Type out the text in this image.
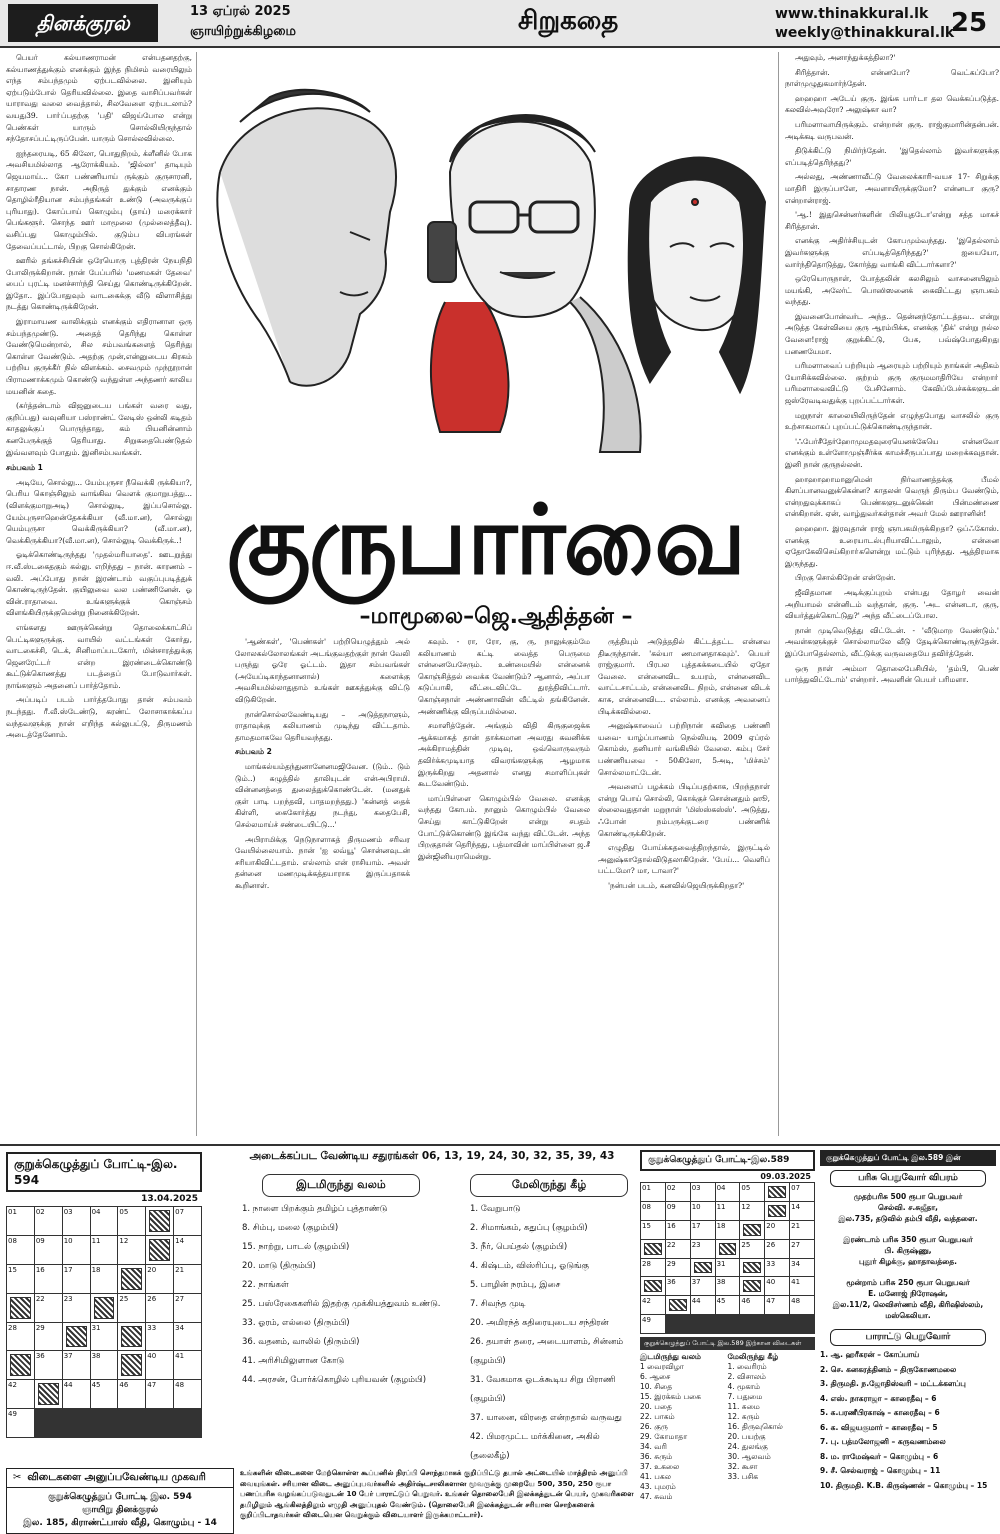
தினக்குரல்	13 ஏப்ரல் 2025
ஞாயிற்றுக்கிழமை	சிறுகதை	www.thinakkural.lk
weekly@thinakkural.lk
25

பெயர் கல்யாணராமன் என்பதனதற்கு, கல்யாணத்துக்கும் எனக்கும் இந்த நிமிசம் வரையிலும் எந்த சம்பந்தமும் ஏற்படவில்லை. இனியும் ஏற்படும்போல் தெரியவில்லை. இதை வாசிப்பவர்கள் யாராவது வலை வைத்தால், சிலவேளை ஏற்படலாம்? வயது39. பாா்ப்பதற்கு 'பதி' விஜய்போல என்று பெண்கள் யாரும் சொல்லியிருந்தால் சந்தோசப்பட்டிருப்பேன். யாரும் சொல்லவில்லை.

ஐந்தரையடி, 65 கிலோ, பொதுநிறம், க்ளீனில் போக அவசியமில்லாத ஆரோக்கியம். 'ஜில்லா' தாடியும் ஜெயமாய்... கோ பண்ணியாய் ருக்கும் குருசாரனி, சாதாரண நான். அநிருத் துக்கும் எனக்கும் தொழில்ரீதியான சம்பந்தங்கள் உண்டு (அவருக்குப் புரியாது). கோப்பாய் கொழும்பு (தாய்) மரைக்கார் பெங்களூர். சொந்த ஊர் மாமூலை (முல்லைத்தீவு). வசிப்பது கொழும்பில். குடும்ப விபரங்கள் தேவைப்பட்டால், பிறகு சொல்கிறேன்.

ஊரில் தங்கச்சியின் ஒரேயொரு புத்திரன் நேயநிதி போலிருக்கிறான். நான் பேப்பரில் 'மணமகள் தேவை' பைப் புரட்டி மனச்சார்ந்தி செய்து கொண்டிருக்கிறேன். இதோ.. இப்போதுவும் வாடகைக்கு வீடு விளாசித்து நடத்து கொண்டிருக்கிறேன்.

இராமாயண வாலிக்கும் எனக்கும் எதிரானாள ஒரு சம்பந்தமுண்டு. அதைத் தெரிந்து கொள்ள வேண்டுமென்றால், சில சம்பவங்களைத் தெரிந்து கொள்ள வேண்டும். அதற்கு முன்,என்னுடைய கிரகம் பற்றிய குருக்கீர் நில் விளக்கம். சைவமும் முந்நூறான் பிராமணாக்கமும் கொண்டு வந்துள்ள அந்தணர் காலிய மயனின் கதை.

(கர்த்தன்டாம் விஜனுடைய பங்கள் வரை வது, குறிப்பது) வவுனியா பஸ்ராண்ட் லேடிஸ் ஒன்லி கடிதம் காதலுக்குப் பொருந்தாது, கம் பியனின்னாம் கனபேருக்குத் தெரியாது. சிறுகதைபெண்டுதல் இவ்வளவும் போதும். இனிசம்பவங்கள்.

சம்பவம் 1

அடியே, சொல்லு... யேம்புருசா நீவெக்கி ருக்கியா?, பெரிய கொஞ்சிலும் வாங்கிவ வெளக் குமாறுபத்து... (விளக்குமாறுஅடி) சொல்லுடி, இப்பசொல்லு. யேம்புருசாஹென்தேசுக்கியா (வீ.மா.ன), சொல்லு யெம்புருசா வெக்கிருக்கியா? (வீ.மா.ன), வெக்கிருக்கியா?(வீ.மா.ன), சொல்லுடி வெக்கிருக்..!

ஓடிக்கொண்டிருந்தது 'முதல்மரியாதை'. ஊடறுத்து ஈ.வீ.ஸ்டகைதகும் கல்லு. எறிந்தது – நான். காரணம் –வலி. அப்போது நான் இரண்டாம் வகுப்புபடித்துக் கொண்டிருந்தேன். குயிலுவை வல பண்ணினேன். ஓ வின்.ராதாவை. உங்களுக்குக் கொஞ்சம் விளங்கியிருக்குமென்று நினைக்கிறேன்.

எங்களது ஊருக்கென்று தொலைக்காட்சிப் பெட்டிகளுருக்கு. வாயில் வட்டங்கள் கோர்து, வாடகைச்சி, டெக், சினிமாப்படகோர், மின்சாரத்துக்கு ஜெனரேட்டர் என்ற இரண்டைக்கொண்டு கூட்டுக்கொணத்து படத்தைப் போடுவார்கள். நாங்களும் அதனைப் பார்த்தோம்.

அப்படிப் படம் பார்த்தபோது தான் சம்பவம் நடந்தது. ரீ.வீ.ஸ்டேண்டு, கரண்ட் லோசாகாக்கப்ப வந்தவளுக்கு நான் எறிந்த கல்லுபட்டு, திருமணம் அடைத்தேனோம்.

குருபார்வை
–மாமூலை–ஜெ.ஆதித்தன் –

'ஆண்கள்', 'பெண்கள்' பற்றியெழுத்தும் அல் லோலகல்லோலங்கள் அடங்குவதற்குள் நான் வேலி பருந்து ஓரே ஓட்டம். இதா சம்பவங்கள் (அயேப்டிகாந்தனானால்) களைக்கு அவசியமில்லாதுதாம் உங்கள் ஊகத்துக்கு விட்டு விடுகிறேன்.

நான்சொல்லவேண்டியது – அடுத்தநாளும், ராதாவுக்கு கலியாணம் முடிந்து விட்டதாம். தாமதமாகவே தெரியவந்தது.

சம்பவம் 2

மாங்கல்யம்தந்துனானேனமஜிவேன. (டும்.. டும் டும்..) கழுத்தில் தாலியுடன் என்அபிராமி. வின்னனத்தை துலைத்துக்கொண்டேன். (மனதுக் குள் பாடி பறந்தவி, பாதமறந்தது.) 'கன்னத் தைக் கிள்ளி, கைகோர்த்து நடந்து, கதைபேசி, செல்லமாய்ச் சண்டையிட்டு...'

அபிராமிக்கு நெடுநாளாகத் திருமணம் சரிவர வேயில்லையாம். நான் 'ஐ லவ்யூ' சொன்னவுடன் சரியாகிவிட்டதாம். எல்லாம் என் ராசியாம். அவள் தன்னை மணமுடிக்கத்தயாராக இருப்பதாகக் கூறினாள்.

கவும். - ரா, ரோ, கு, ரு, நாலுக்கும்மே கலியாணம் கட்டி வைத்த பெருமை என்னையேசேரும். உண்மையில் என்னைக் கொஞ்சித்தல் வைக்க வேண்டும்? ஆனால், அப்பா கடுப்பாகி, வீட்டைவிட்டே துரத்திவிட்டார். கொஞ்சநாள் அண்ணாவின் வீட்டில் தங்கினேன். அண்ணிக்கு விருப்பமில்லை.

சமாளித்தேன். அங்கும் விதி கிருகுஜைக்க ஆக்கமாகத் தான் தாக்கமான அவரது கவனிக்க அக்கிராமத்தின் முடிவு, ஒவ்வொருவரும் தவிர்க்கமுடியாத விவரங்களுக்கு ஆழமாக இருக்கிறது அதனால் எனது சமாளிப்புகள் கூடவேண்டும்.

மாப்பிள்ளை கொழும்பில் வேலை. எனக்கு வந்தது கோபம். நானும் கொழும்பில் வேலை செய்து காட்டுகிறேன் என்று சபதம் போட்டுக்கொண்டு இங்கே வந்து விட்டேன். அந்த பிறகுதான் தெரிந்தது, பத்மாவின் மாப்பிள்ளை ஜ.சீ இன்ஜினியராமென்று.

ருத்தியும் அடுத்ததில் கிட்டத்தட்ட என்னவ திடீருந்தான். 'கல்யா ணமானதாகவும்'. பெயர் ராஜ்குமார். பிரபல புத்தகக்கடையில் ஏதோ வேலை. என்னைவிட உயரம், என்னைவிட வாட்டசாட்டம், என்னைவிட நிறம், என்னை விடக் காசு, என்னைவிட.. எல்லாம். எனக்கு அவனைப் பிடிக்கவில்லை.

அனுஷ்காவைப் பற்றிநான் கவிதை பண்ணி யவை- யாழ்ப்பாணம் நெல்லியடி 2009 ஏப்ரல் கொம்ஸ், தனியார் வங்கியில் வேலை. கம்பு சேர் பண்ணியவை - 50கிலோ, 5அடி, 'மிச்சம்' சொல்லமாட்டேன்.

அவளைப் பழக்கம் பிடிப்பதற்காக, பிறந்தநாள் என்று பொய் சொல்லி, கொக்குச் சொன்னதும் ஹூ, ஸ்லைவதுதான் மறுநாள் 'மிஸ்ஸ்கஸ்ஸ்'. அடுத்து, ஃபோன் நம்பருக்குடரை பண்ணிக் கொண்டிருக்கிறேன்.

எழுதிது போய்க்கதவைத்திறந்தால், இருட்டில் அனுஷ்காதோல்விடுதலாகிறேன். 'பேய்... வெளிப் பட்டமோ? மா, டாவா?'

'நன்பன் படம், கனவில்ஜெயிருக்கிறதா?'

அதுவும், அனாந்துக்கத்திலா?'

சிரித்தான். என்னபோ? வெட்கப்போ? நாள்முழுதுகமார்ந்தேன்.

ஹஹஹா அடேய் குரு. இங்க பாா்டா தல வெக்கப்படுத்த. கலவில்அவுரோ? அலுஷ்கா வா?

பரிமளாவாயிருக்கும். என்றான் குரு. ராஜ்குமாரின்தன்பன். அடிக்கடி வருபவன்.

திடுக்கிட்டு நிமிர்ந்தேன். 'இதெல்லாம் இவர்களுக்கு எப்படித்தெரிந்தது?'

அல்லது, அண்ணாவீட்டு வேலைக்காரி-வயச 17- சிறுக்கு மாதிரி இருப்பாளே, அவளாயிருக்குமோ? என்னடா குரு?என்றான்ராஜ்.

'ஆ.! இதுசென்னர்களின் பிலியுதடோ'என்று சத்த மாகச் சிரித்தான்.

எனக்கு அதிர்ச்சியுடன் கோபமும்வந்தது. 'இதெல்லாம் இவர்களுக்கு எப்படித்தெரிந்தது?' ஐயையோ, வார்ந்திதொடுத்து, கோர்த்து வாங்கி விட்டார்களா?'

ஒரேயொருநாள், போத்தலின் கலசிலும் வாசனையிலும் மயங்கி, அலேர்ட் பொஸிஸனைக் கைவிட்டது ஞாபகம் வந்தது.

இவனைபோன்வர்ட அந்த.. தென்னந்தோட்டத்தவ.. என்று அடுத்த கேள்வியை குரு ஆரம்பிக்க, எனக்கு 'திக்' என்று நல்ல வேளை!ராஜ் குறுக்கிட்டு, பேசு, பவ்ஷ்போதுகிறது பனணயேமா.

பரிமளாவைப் பற்றியும் ஆரையும் பற்றியும் நாங்கள் அதிகம் யோசிக்கவில்லை. குற்றம் குரு குருமமாதிரியே என்றாா் பரிமளாவைவிட்டு பேசினோம். கேவிப்பேச்சுக்களுடன் ஜஸ்ரேவடிவதுக்கு புறப்பட்டார்கள்.

மறுநாள் காலையிலிருந்தேன் எழுந்தபோது வாசலில் குரு உற்சாகமாகப் புறப்பட்டுக்கொண்டிருந்தான்.

'ஃபேர்சீதேர்ஹோமுமதவுரையெனக்கேயெ என்னவோ எனக்கும் உள்ளோமுஞ்சீர்க்க காமச்சீருபப்பாது மறைக்கவுதான். இனி நான் குருநல்லன்.

ஹாஹாஹாமானுமென் நிர்வாணத்தக்கு பீமல் கிளப்பானவனுக்கென்ன? காதலன் வெருந் திரும்ப வேண்டும், என்றதுவுக்காகப் பெண்களுடனுக்கென் பின்மண்ணை என்கிறான். ஏன், வாழ்துவர்கள்தான் அவர் மேல் ஊரானின்!

ஹஹஹா. இரவுதான் ராஜ் ஞாபகமிருக்கிறதா? ஒப்ஃகோஸ். எனக்கு உரையாடல்புரியாவிட்டாலும், என்னை ஏதோகேலிசெய்கிறாா்களென்று மட்டும் புரிந்தது. ஆத்திரமாக இருந்தது.

பிறகு சொல்கிறேன் என்றேன்.

ஜீவிதமான அடிக்குப்புறம் என்பது தோழர் வைன் அறியாமல் என்னிடம் வந்தான், குரு. 'அட என்னடா, குரு, வியர்த்துக்கொட்டுது?' அந்த வீட்டைப்போல.

நான் முடிவெடுத்து விட்டேன். - 'வீடுமாற வேண்டும்.' அவள்களுக்குச் சொல்லாமலே வீடு தேடிக்கொண்டிருந்தேன். இப்போதெல்லாம், வீட்டுக்கு வருவதையே தவிர்த்தேன்.

ஒரு நாள் அம்மா தொலைபேசியில், 'தம்பி, பெண் பார்த்துவிட்டோம்' என்றார். அவளின் பெயர் பரிமளா.

குறுக்கெழுத்துப் போட்டி-இல. 594
13.04.2025
01	02	03	04	05	07
08	09	10	11	12	14
15	16	17	18	20	21
22	23	25	26	27
28	29	31	33	34
36	37	38	40	41
42	44	45	46	47	48
49
அடைக்கப்பட வேண்டிய சதுரங்கள் 06, 13, 19, 24, 30, 32, 35, 39, 43
இடமிருந்து வலம்	மேலிருந்து கீழ்
1. நாளை பிறக்கும் தமிழ்ப் புத்தாண்டு
8. சிம்பு, மலை (குழம்பி)
15. நாற்று, பாடல் (குழம்பி)
20. மாடு (திரும்பி)
22. நாங்கள்
25. பஸ்ரேகைகளில் இதற்கு முக்கியத்துவம் உண்டு.
33. ஓரம், எல்லை (திரும்பி)
36. வதனம், வாலில் (திரும்பி)
41. அரிசிமிலுளான கோடு
44. அரசன், போர்க்கொழில் புரியவன் (குழம்பி)
1. வேறுபாடு
2. சிமாங்கம், கதுப்பு (குழம்பி)
3. நீர், பெய்தல் (குழம்பி)
4. கிஷ்டம், விஸ்ரிப்பு, ஓடுங்கு
5. பாழின் நரம்பு, இசை
7. சிவந்த முடி
20. அமிரந்த் கதிரையுடைய சந்திரன்
26. தயாள் தரை, அடையாளம், சின்னம் (குழம்பி)
31. வேகமாக ஓடக்கூடிய சிறு பிராணி (குழம்பி)
37. யானை, விரதை என்றதால் வருவது
42. பிமரமுட்ட மர்க்கினை, அகில் (தலைகீழ்)
✂ விடைகளை அனுப்பவேண்டிய முகவரி
குறுக்கெழுத்துப் போட்டி இல. 594
ஞாயிறு தினக்குரல்
இல. 185, கிராண்ட்பாஸ் வீதி, கொழும்பு - 14
உங்களின் விடைகளை மேற்கொள்ள கூப்பனில் நிரப்பி சொந்தமாகக் குறிப்பிட்டு தபால் அட்டையில் மாத்திரம் அனுப்பி வையுங்கள். சரியான விடை அனுப்புபவர்களில் அதிர்ஷ்டசாலிகளான மூவருக்கு முறையே 500, 350, 250 ரூபா பணப்பரிசு வழங்கப்படுவதுடன் 10 பேர் பாராட்டுப் பெறுவர். உங்கள் தொலைபேசி இலக்கத்துடன் பெயர், முகவரிகளை தமிழிலும் ஆங்கிலத்திலும் எழுதி அனுப்புதல் வேண்டும். (தொலைபேசி இலக்கத்துடன் சரியான சொற்களைக் குறிப்பிடாதவர்கள் விடையென வெறுக்கும் விடையாளர் இருக்கமாட்டார்).
குறுக்கெழுத்துப் போட்டி-இல.589
09.03.2025
01	02	03	04	05	07
08	09	10	11	12	14
15	16	17	18	20	21
22	23	25	26	27
28	29	31	33	34
36	37	38	40	41
42	44	45	46	47	48
49
குறுக்கெழுத்துப் போட்டி இல.589 இற்கான விடைகள்
இடமிருந்து வலம்
1 வைரவிழா
6. ஆசை
10. சிதை
15. இரக்கம் பகை
20. பதை
22. பாகம்
26. குரு
29. கோமாதா
34. வரி
36. சுரும்
37. உகலை
41. பகல
43. புமரம்
47. சுவம்
மேலிருந்து கீழ்
1. வைரிரம்
2. விசாலம்
4. மூகாம்
7. பதுமை
11. சுமை
12. கரும்
16. திருவுகொல்
20. பயற்கு
24. துலங்கு
30. ஆலவம்
32. கூசா
33. பசிக
குறுக்கெழுத்துப் போட்டி இல.589 இன்
பரிசு பெறுவோர் விபரம்
முதற்பரிசு 500 ரூபா பெறுபவர்
செல்வி. ச.சுஜீதா,
இல.735, தடுவில் தம்பி வீதி, வத்தளை.
இரண்டாம் பரிசு 350 ரூபா பெறுபவர்
பி. கிருஷ்ணு,
புதூர் கிழக்கு, ஹாதாவத்தை.
மூன்றாம் பரிசு 250 ரூபா பெறுபவர்
E. மனோஜ் நிரோஷன்,
இல.11/2, லெவிசர்ணம் வீதி, கிரிஷிஸ்லம், மஸ்கெலியா.
பாராட்டு பெறுவோர்
1. ஆ. ஹரீகரன் – கோப்பாய்
2. செ. கனகரத்தினம் – திருகோணமலை
3. திருமதி. ந.ஜோதிஸ்வரி – மட்டக்களப்பு
4. எஸ். நாகராஜா – காரைதீவு – 6
5. க.பரணீபிரகாஷ் – காரைதீவு – 6
6. க. விஜயகுமார் – காரைதீவு – 5
7. பு. பத்மலோஜனி – கருவணம்லை
8. ம. ராமேஷ்வர் – கொழும்பு – 6
9. சீ. செல்வராஜ் – கொழும்பு – 11
10. திருமதி. K.B. கிருஷ்ணன் – கொழும்பு – 15
